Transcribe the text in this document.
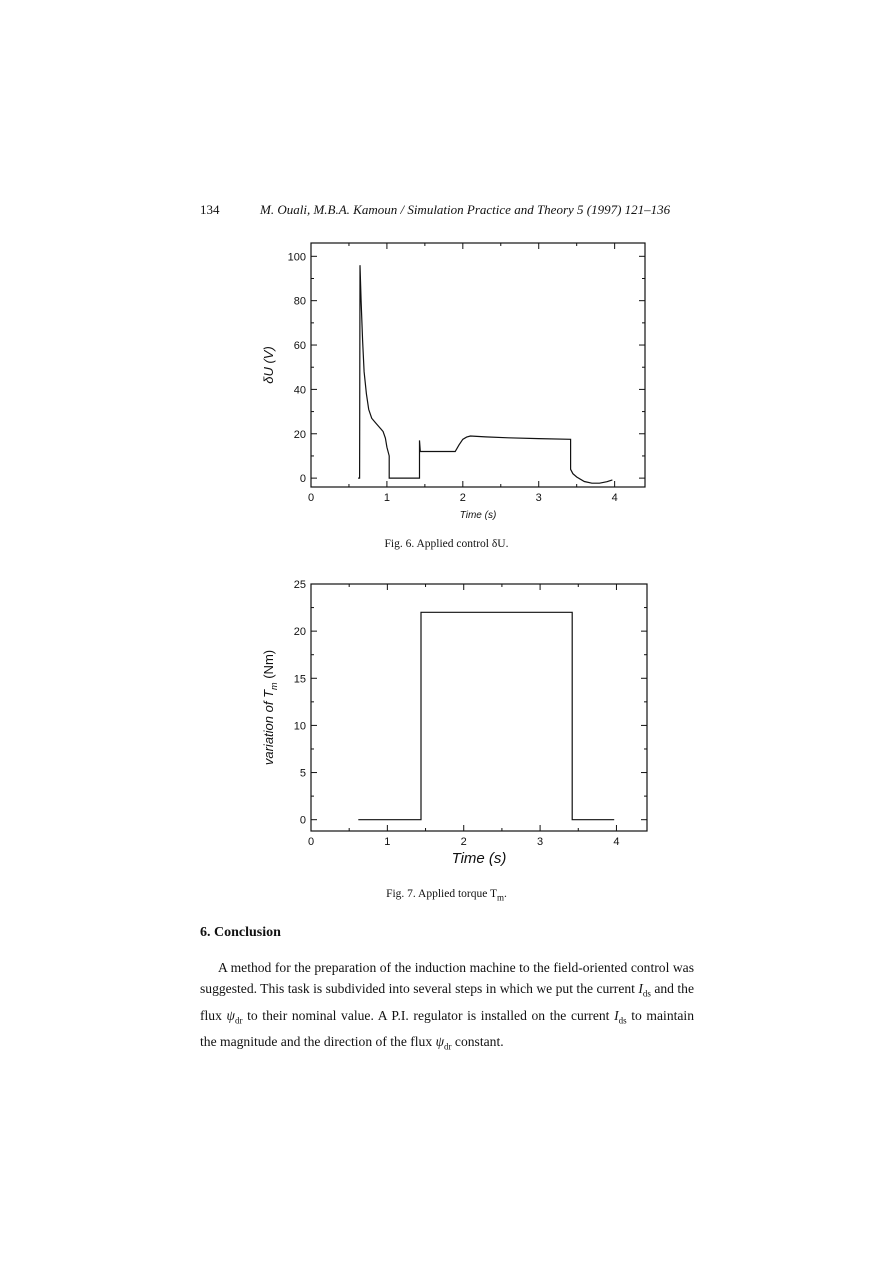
134	M. Ouali, M.B.A. Kamoun / Simulation Practice and Theory 5 (1997) 121–136
0	1	2	3	4
0
20
40
60
80
100
Time (s)
δU (V)
Fig. 6. Applied control δU.
0	1	2	3	4
0
5
10
15
20
25
Time (s)
variation of $T_m$ (Nm)
Fig. 7. Applied torque $T_m$.
6. Conclusion

A method for the preparation of the induction machine to the field-oriented control was suggested. This task is subdivided into several steps in which we put the current $I_{ds}$ and the flux $\psi_{dr}$ to their nominal value. A P.I. regulator is installed on the current $I_{ds}$ to maintain the magnitude and the direction of the flux $\psi_{dr}$ constant.
